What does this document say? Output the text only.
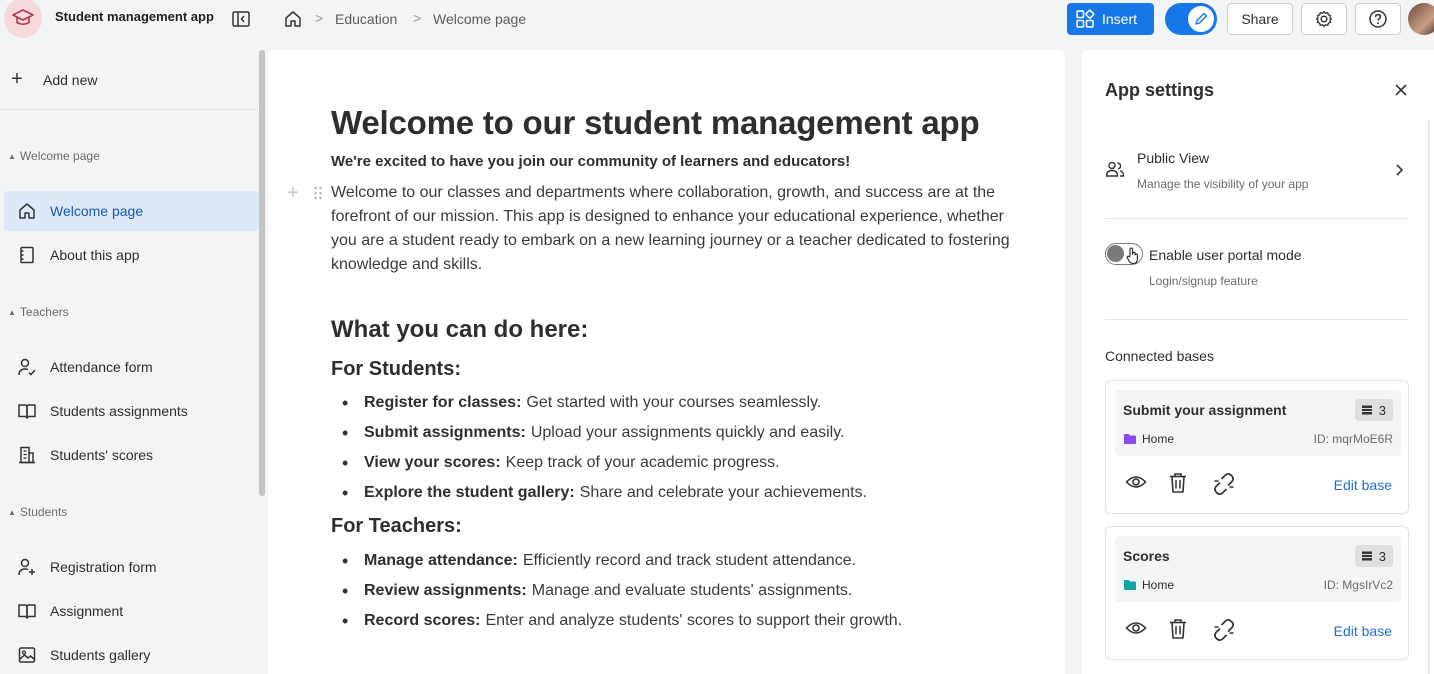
Student management app	> Education > Welcome page	Insert	Share
+	Add new
▲ Welcome page
Welcome page
About this app
▲ Teachers
Attendance form
Students assignments
Students' scores
▲ Students
Registration form
Assignment
Students gallery
Welcome to our student management app
We're excited to have you join our community of learners and educators!
+ Welcome to our classes and departments where collaboration, growth, and success are at the forefront of our mission. This app is designed to enhance your educational experience, whether you are a student ready to embark on a new learning journey or a teacher dedicated to fostering knowledge and skills.
What you can do here:
For Students:
• Register for classes: Get started with your courses seamlessly.
• Submit assignments: Upload your assignments quickly and easily.
• View your scores: Keep track of your academic progress.
• Explore the student gallery: Share and celebrate your achievements.
For Teachers:
• Manage attendance: Efficiently record and track student attendance.
• Review assignments: Manage and evaluate students' assignments.
• Record scores: Enter and analyze students' scores to support their growth.
App settings
Public View
Manage the visibility of your app
Enable user portal mode
Login/signup feature
Connected bases
Submit your assignment	3
Home	ID: mqrMoE6R
Edit base
Scores	3
Home	ID: MgsIrVc2
Edit base
